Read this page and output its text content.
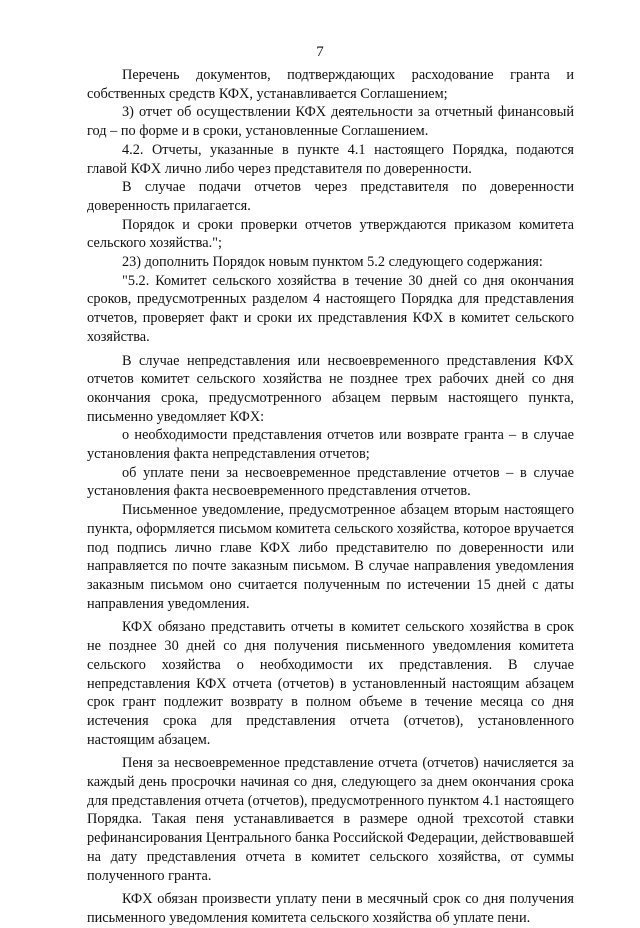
7

Перечень документов, подтверждающих расходование гранта и собственных средств КФХ, устанавливается Соглашением;

3) отчет об осуществлении КФХ деятельности за отчетный финансовый год – по форме и в сроки, установленные Соглашением.

4.2. Отчеты, указанные в пункте 4.1 настоящего Порядка, подаются главой КФХ лично либо через представителя по доверенности.

В случае подачи отчетов через представителя по доверенности доверенность прилагается.

Порядок и сроки проверки отчетов утверждаются приказом комитета сельского хозяйства.";

23) дополнить Порядок новым пунктом 5.2 следующего содержания:

"5.2. Комитет сельского хозяйства в течение 30 дней со дня окончания сроков, предусмотренных разделом 4 настоящего Порядка для представления отчетов, проверяет факт и сроки их представления КФХ в комитет сельского хозяйства.

В случае непредставления или несвоевременного представления КФХ отчетов комитет сельского хозяйства не позднее трех рабочих дней со дня окончания срока, предусмотренного абзацем первым настоящего пункта, письменно уведомляет КФХ:

о необходимости представления отчетов или возврате гранта – в случае установления факта непредставления отчетов;

об уплате пени за несвоевременное представление отчетов – в случае установления факта несвоевременного представления отчетов.

Письменное уведомление, предусмотренное абзацем вторым настоящего пункта, оформляется письмом комитета сельского хозяйства, которое вручается под подпись лично главе КФХ либо представителю по доверенности или направляется по почте заказным письмом. В случае направления уведомления заказным письмом оно считается полученным по истечении 15 дней с даты направления уведомления.

КФХ обязано представить отчеты в комитет сельского хозяйства в срок не позднее 30 дней со дня получения письменного уведомления комитета сельского хозяйства о необходимости их представления. В случае непредставления КФХ отчета (отчетов) в установленный настоящим абзацем срок грант подлежит возврату в полном объеме в течение месяца со дня истечения срока для представления отчета (отчетов), установленного настоящим абзацем.

Пеня за несвоевременное представление отчета (отчетов) начисляется за каждый день просрочки начиная со дня, следующего за днем окончания срока для представления отчета (отчетов), предусмотренного пунктом 4.1 настоящего Порядка. Такая пеня устанавливается в размере одной трехсотой ставки рефинансирования Центрального банка Российской Федерации, действовавшей на дату представления отчета в комитет сельского хозяйства, от суммы полученного гранта.

КФХ обязан произвести уплату пени в месячный срок со дня получения письменного уведомления комитета сельского хозяйства об уплате пени.
